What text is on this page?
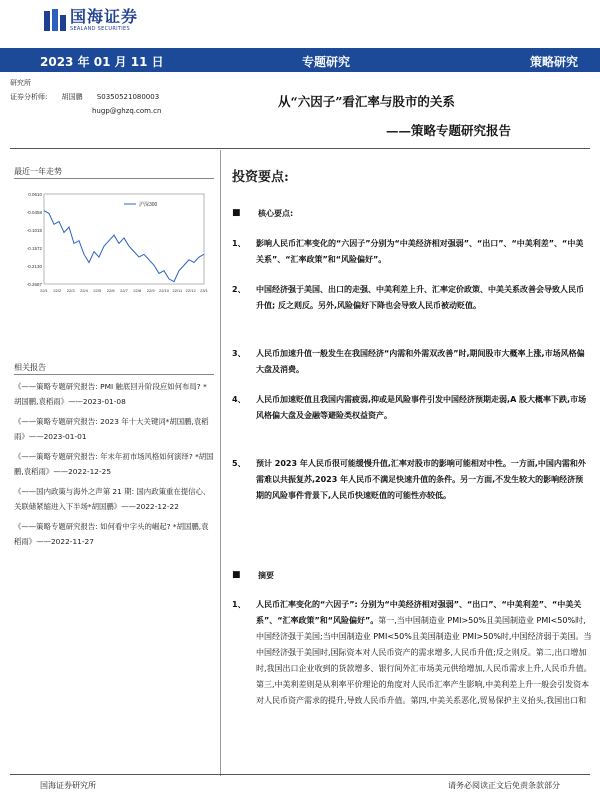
国海证券
SEALAND SECURITIES
2023 年 01 月 11 日	专题研究	策略研究
研究所
证券分析师: 胡国鹏 S0350521080003
hugp@ghzq.com.cn
从“六因子”看汇率与股市的关系
——策略专题研究报告
最近一年走势
0.0610
-0.0458
-0.1015
-0.1572
-0.2130
-0.2687
22/1 22/2 22/3 22/4 22/5 22/6 22/7 22/8 22/9 22/10 22/11 22/12 23/1
沪深300
相关报告
《——策略专题研究报告: PMI 触底回升阶段应如何布局? *胡国鹏,袁稻雨》——2023-01-08
《——策略专题研究报告: 2023 年十大关键词*胡国鹏,袁稻雨》——2023-01-01
《——策略专题研究报告: 年末年初市场风格如何演绎? *胡国鹏,袁稻雨》——2022-12-25
《——国内政策与海外之声第 21 期: 国内政策重在提信心、关联储紧缩进入下半场*胡国鹏》——2022-12-22
《——策略专题研究报告: 如何看中字头的崛起? *胡国鹏,袁稻雨》——2022-11-27
投资要点:
■ 核心要点:
1、 影响人民币汇率变化的“六因子”分别为“中美经济相对强弱”、“出口”、“中美利差”、“中美关系”、“汇率政策”和“风险偏好”。
2、 中国经济强于美国、出口的走强、中美利差上升、汇率定价政策、中美关系改善会导致人民币升值; 反之则反。另外,风险偏好下降也会导致人民币被动贬值。
3、 人民币加速升值一般发生在我国经济“内需和外需双改善”时,期间股市大概率上涨,市场风格偏大盘及消费。
4、 人民币加速贬值且我国内需疲弱,抑或是风险事件引发中国经济预期走弱,A 股大概率下跌,市场风格偏大盘及金融等避险类权益资产。
5、 预计 2023 年人民币很可能缓慢升值,汇率对股市的影响可能相对中性。一方面,中国内需和外需难以共振复苏,2023 年人民币不满足快速升值的条件。另一方面,不发生较大的影响经济预期的风险事件背景下,人民币快速贬值的可能性亦较低。
■ 摘要
1、 人民币汇率变化的“六因子”: 分别为“中美经济相对强弱”、“出口”、“中美利差”、“中美关系”、“汇率政策”和“风险偏好”。第一,当中国制造业 PMI>50%且美国制造业 PMI<50%时,中国经济强于美国;当中国制造业 PMI<50%且美国制造业 PMI>50%时,中国经济弱于美国。当中国经济强于美国时,国际资本对人民币资产的需求增多,人民币升值;反之则反。第二,出口增加时,我国出口企业收到的货款增多、银行间外汇市场美元供给增加,人民币需求上升,人民币升值。第三,中美利差则是从利率平价理论的角度对人民币汇率产生影响,中美利差上升一般会引发资本对人民币资产需求的提升,导致人民币升值。第四,中美关系恶化,贸易保护主义抬头,我国出口和
国海证券研究所	请务必阅读正文后免责条款部分
